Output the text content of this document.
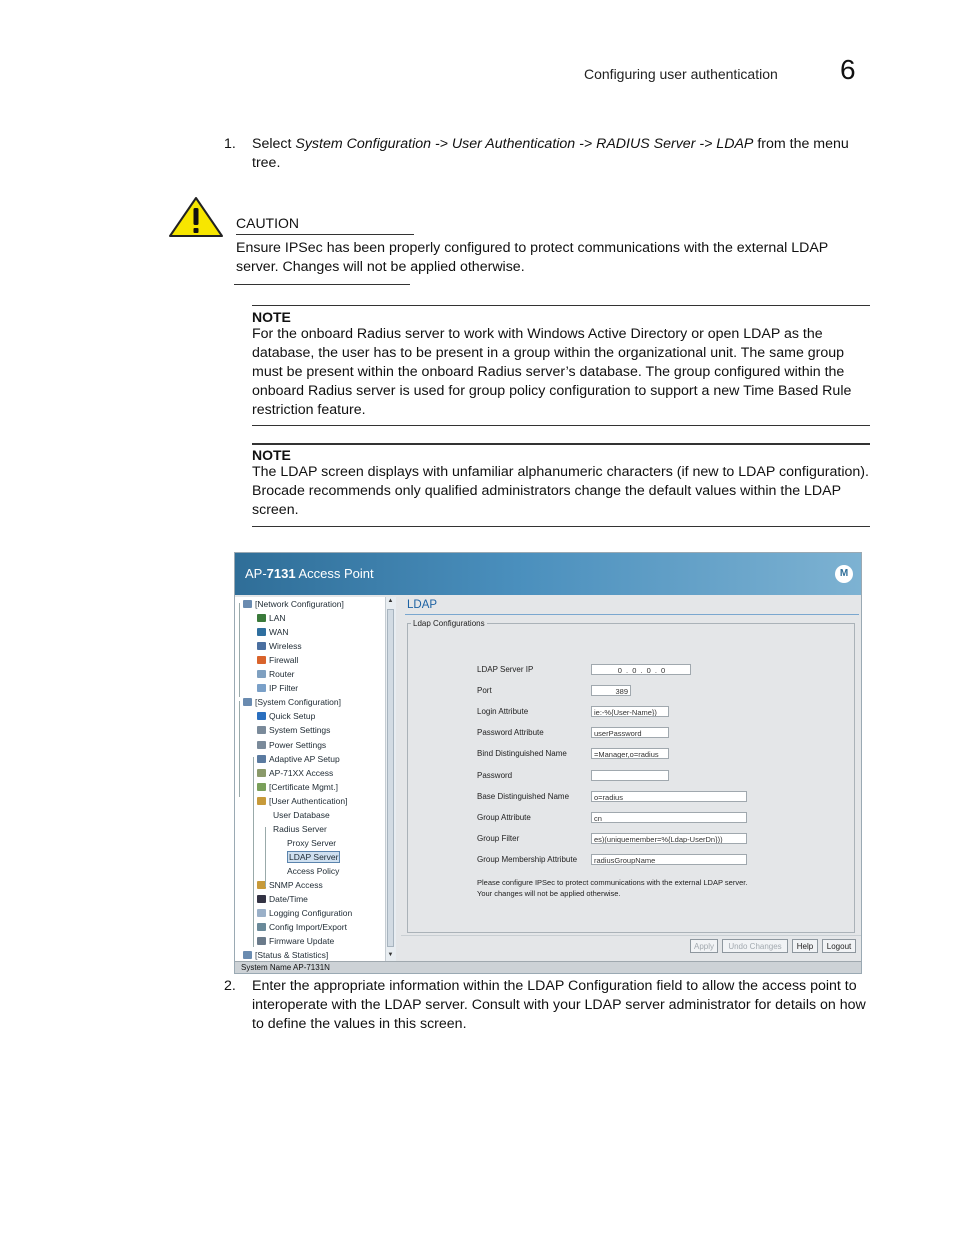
Configuring user authentication 6
1. Select System Configuration -> User Authentication -> RADIUS Server -> LDAP from the menu tree.
CAUTION
Ensure IPSec has been properly configured to protect communications with the external LDAP server. Changes will not be applied otherwise.
NOTE
For the onboard Radius server to work with Windows Active Directory or open LDAP as the database, the user has to be present in a group within the organizational unit. The same group must be present within the onboard Radius server’s database. The group configured within the onboard Radius server is used for group policy configuration to support a new Time Based Rule restriction feature.
NOTE
The LDAP screen displays with unfamiliar alphanumeric characters (if new to LDAP configuration). Brocade recommends only qualified administrators change the default values within the LDAP screen.
AP-7131 Access Point	M
[Network Configuration]
LAN
WAN
Wireless
Firewall
Router
IP Filter
[System Configuration]
Quick Setup
System Settings
Power Settings
Adaptive AP Setup
AP-71XX Access
[Certificate Mgmt.]
[User Authentication]
User Database
Radius Server
Proxy Server
LDAP Server
Access Policy
SNMP Access
Date/Time
Logging Configuration
Config Import/Export
Firmware Update
[Status & Statistics]
▲
▼
LDAP
Ldap Configurations
LDAP Server IP	0 . 0 . 0 . 0
Port	389
Login Attribute	ie:-%{User-Name})
Password Attribute	userPassword
Bind Distinguished Name	=Manager,o=radius
Password
Base Distinguished Name	o=radius
Group Attribute	cn
Group Filter	es)(uniquemember=%{Ldap-UserDn}))
Group Membership Attribute	radiusGroupName
Please configure IPSec to protect communications with the external LDAP server.
Your changes will not be applied otherwise.
Apply	Undo Changes	Help	Logout
System Name AP-7131N
2. Enter the appropriate information within the LDAP Configuration field to allow the access point to interoperate with the LDAP server. Consult with your LDAP server administrator for details on how to define the values in this screen.
